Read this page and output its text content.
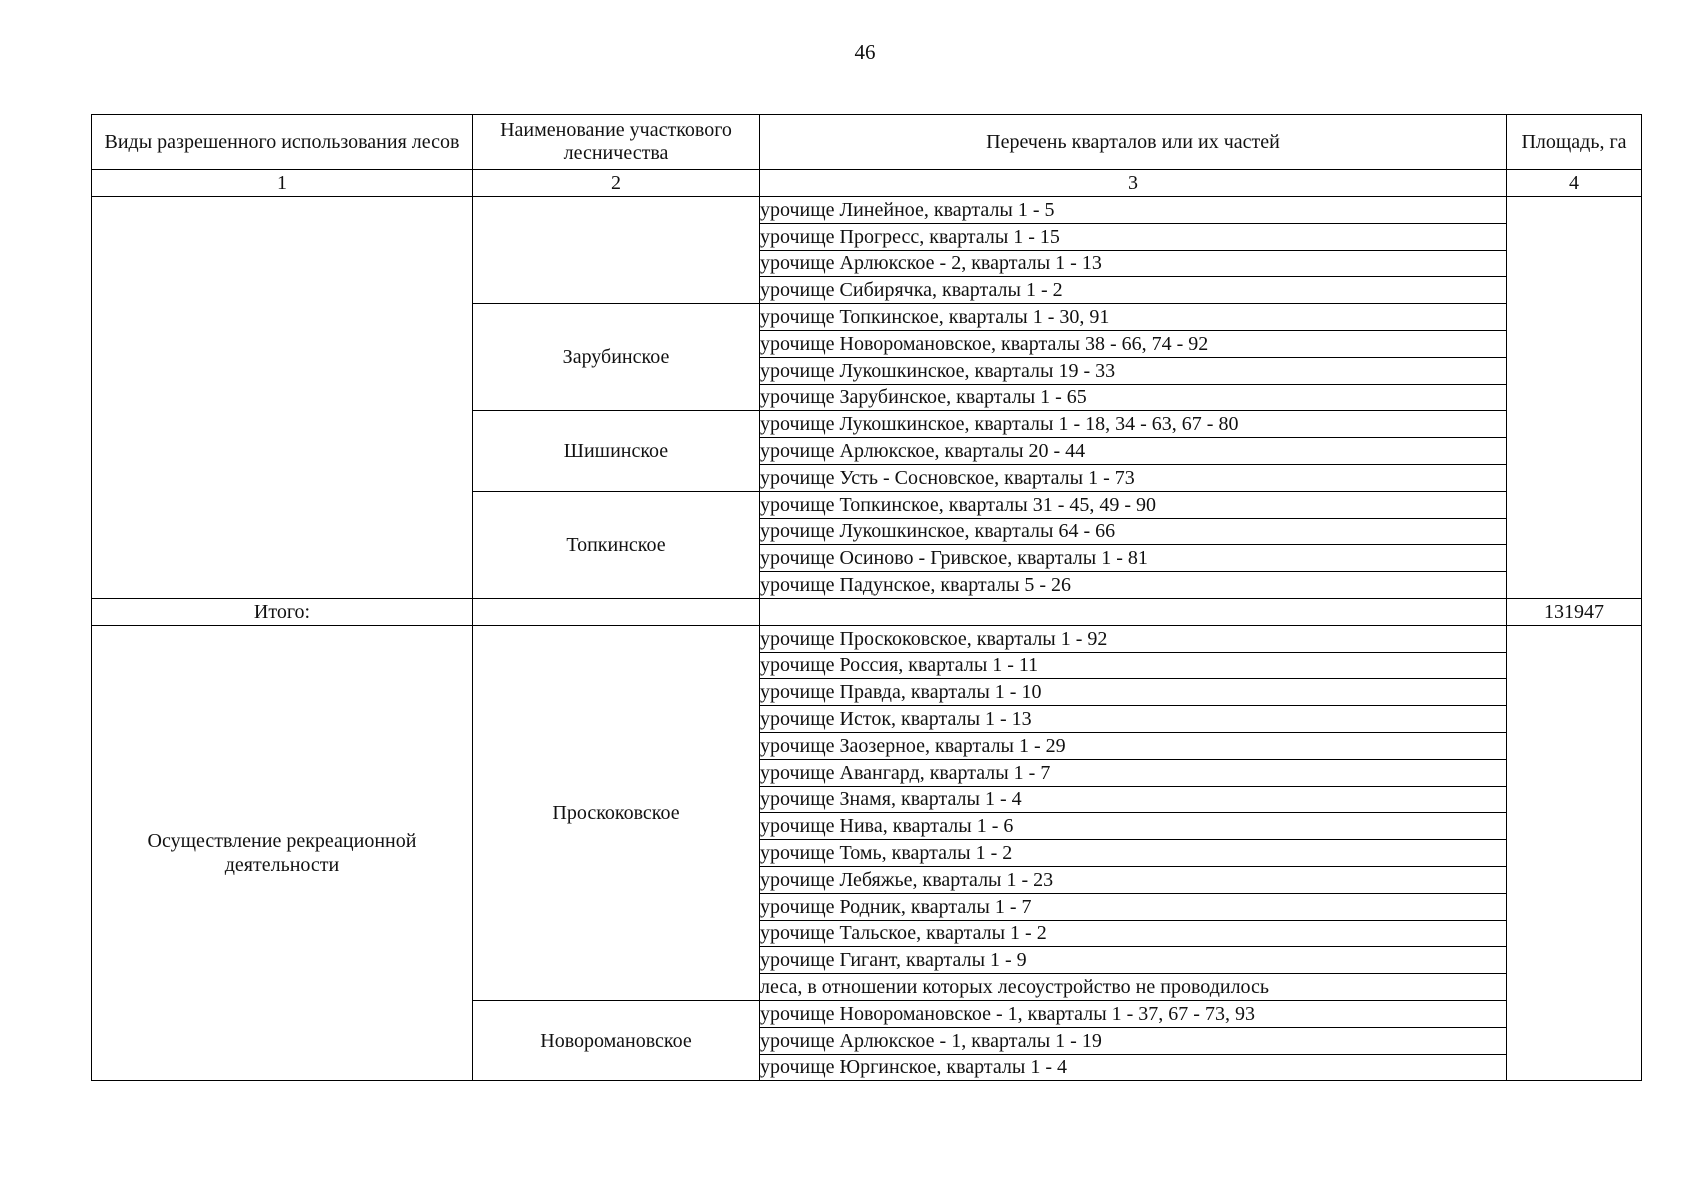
46
Виды разрешенного использования лесов	Наименование участкового лесничества	Перечень кварталов или их частей	Площадь, га
1	2	3	4
		урочище Линейное, кварталы 1 - 5	
		урочище Прогресс, кварталы 1 - 15	
		урочище Арлюкское - 2, кварталы 1 - 13	
		урочище Сибирячка, кварталы 1 - 2	
	Зарубинское	урочище Топкинское, кварталы 1 - 30, 91	
		урочище Новоромановское, кварталы 38 - 66, 74 - 92	
		урочище Лукошкинское, кварталы 19 - 33	
		урочище Зарубинское, кварталы 1 - 65	
	Шишинское	урочище Лукошкинское, кварталы 1 - 18, 34 - 63, 67 - 80	
		урочище Арлюкское, кварталы 20 - 44	
		урочище Усть - Сосновское, кварталы 1 - 73	
	Топкинское	урочище Топкинское, кварталы 31 - 45, 49 - 90	
		урочище Лукошкинское, кварталы 64 - 66	
		урочище Осиново - Гривское, кварталы 1 - 81	
		урочище Падунское, кварталы 5 - 26	
Итого:			131947
Осуществление рекреационной деятельности	Проскоковское	урочище Проскоковское, кварталы 1 - 92	
		урочище Россия, кварталы 1 - 11	
		урочище Правда, кварталы 1 - 10	
		урочище Исток, кварталы 1 - 13	
		урочище Заозерное, кварталы 1 - 29	
		урочище Авангард, кварталы 1 - 7	
		урочище Знамя, кварталы 1 - 4	
		урочище Нива, кварталы 1 - 6	
		урочище Томь, кварталы 1 - 2	
		урочище Лебяжье, кварталы 1 - 23	
		урочище Родник, кварталы 1 - 7	
		урочище Тальское, кварталы 1 - 2	
		урочище Гигант, кварталы 1 - 9	
		леса, в отношении которых лесоустройство не проводилось	
	Новоромановское	урочище Новоромановское - 1, кварталы 1 - 37, 67 - 73, 93	
		урочище Арлюкское - 1, кварталы 1 - 19	
		урочище Юргинское, кварталы 1 - 4	
